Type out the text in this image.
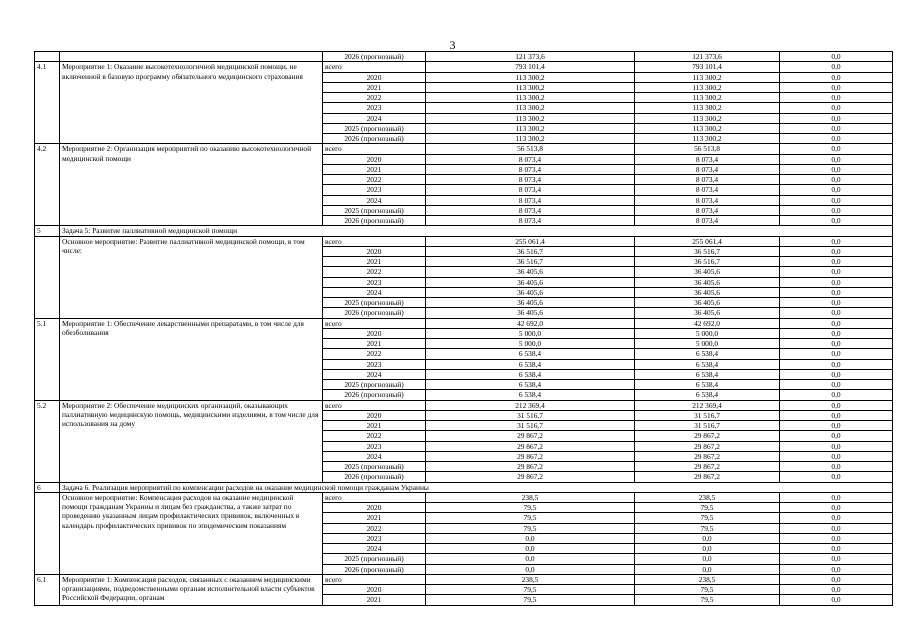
3
		2026 (прогнозный)	121 373,6	121 373,6	0,0
4.1	Мероприятие 1: Оказание высокотехнологичной медицинской помощи, не включенной в базовую программу обязательного медицинского страхования	всего	793 101,4	793 101,4	0,0
		2020	113 300,2	113 300,2	0,0
		2021	113 300,2	113 300,2	0,0
		2022	113 300,2	113 300,2	0,0
		2023	113 300,2	113 300,2	0,0
		2024	113 300,2	113 300,2	0,0
		2025 (прогнозный)	113 300,2	113 300,2	0,0
		2026 (прогнозный)	113 300,2	113 300,2	0,0
4.2	Мероприятие 2: Организация мероприятий по оказанию высокотехнологичной медицинской помощи	всего	56 513,8	56 513,8	0,0
		2020	8 073,4	8 073,4	0,0
		2021	8 073,4	8 073,4	0,0
		2022	8 073,4	8 073,4	0,0
		2023	8 073,4	8 073,4	0,0
		2024	8 073,4	8 073,4	0,0
		2025 (прогнозный)	8 073,4	8 073,4	0,0
		2026 (прогнозный)	8 073,4	8 073,4	0,0
5	Задача 5: Развитие паллиативной медицинской помощи				
	Основное мероприятие: Развитие паллиативной медицинской помощи, в том числе:	всего	255 061,4	255 061,4	0,0
		2020	36 516,7	36 516,7	0,0
		2021	36 516,7	36 516,7	0,0
		2022	36 405,6	36 405,6	0,0
		2023	36 405,6	36 405,6	0,0
		2024	36 405,6	36 405,6	0,0
		2025 (прогнозный)	36 405,6	36 405,6	0,0
		2026 (прогнозный)	36 405,6	36 405,6	0,0
5.1	Мероприятие 1: Обеспечение лекарственными препаратами, в том числе для обезболивания	всего	42 692,0	42 692,0	0,0
		2020	5 000,0	5 000,0	0,0
		2021	5 000,0	5 000,0	0,0
		2022	6 538,4	6 538,4	0,0
		2023	6 538,4	6 538,4	0,0
		2024	6 538,4	6 538,4	0,0
		2025 (прогнозный)	6 538,4	6 538,4	0,0
		2026 (прогнозный)	6 538,4	6 538,4	0,0
5.2	Мероприятие 2: Обеспечение медицинских организаций, оказывающих паллиативную медицинскую помощь, медицинскими изделиями, в том числе для использования на дому	всего	212 369,4	212 369,4	0,0
		2020	31 516,7	31 516,7	0,0
		2021	31 516,7	31 516,7	0,0
		2022	29 867,2	29 867,2	0,0
		2023	29 867,2	29 867,2	0,0
		2024	29 867,2	29 867,2	0,0
		2025 (прогнозный)	29 867,2	29 867,2	0,0
		2026 (прогнозный)	29 867,2	29 867,2	0,0
6	Задача 6. Реализация мероприятий по компенсации расходов на оказание медицинской помощи гражданам Украины				
	Основное мероприятие: Компенсация расходов на оказание медицинской помощи гражданам Украины и лицам без гражданства, а также затрат по проведению указанным лицам профилактических прививок, включенных в календарь профилактических прививок по эпидемическим показаниям	всего	238,5	238,5	0,0
		2020	79,5	79,5	0,0
		2021	79,5	79,5	0,0
		2022	79,5	79,5	0,0
		2023	0,0	0,0	0,0
		2024	0,0	0,0	0,0
		2025 (прогнозный)	0,0	0,0	0,0
		2026 (прогнозный)	0,0	0,0	0,0
6.1	Мероприятие 1: Компенсация расходов, связанных с оказанием медицинскими организациями, подведомственными органам исполнительной власти субъектов Российской Федерации, органам	всего	238,5	238,5	0,0
		2020	79,5	79,5	0,0
		2021	79,5	79,5	0,0
